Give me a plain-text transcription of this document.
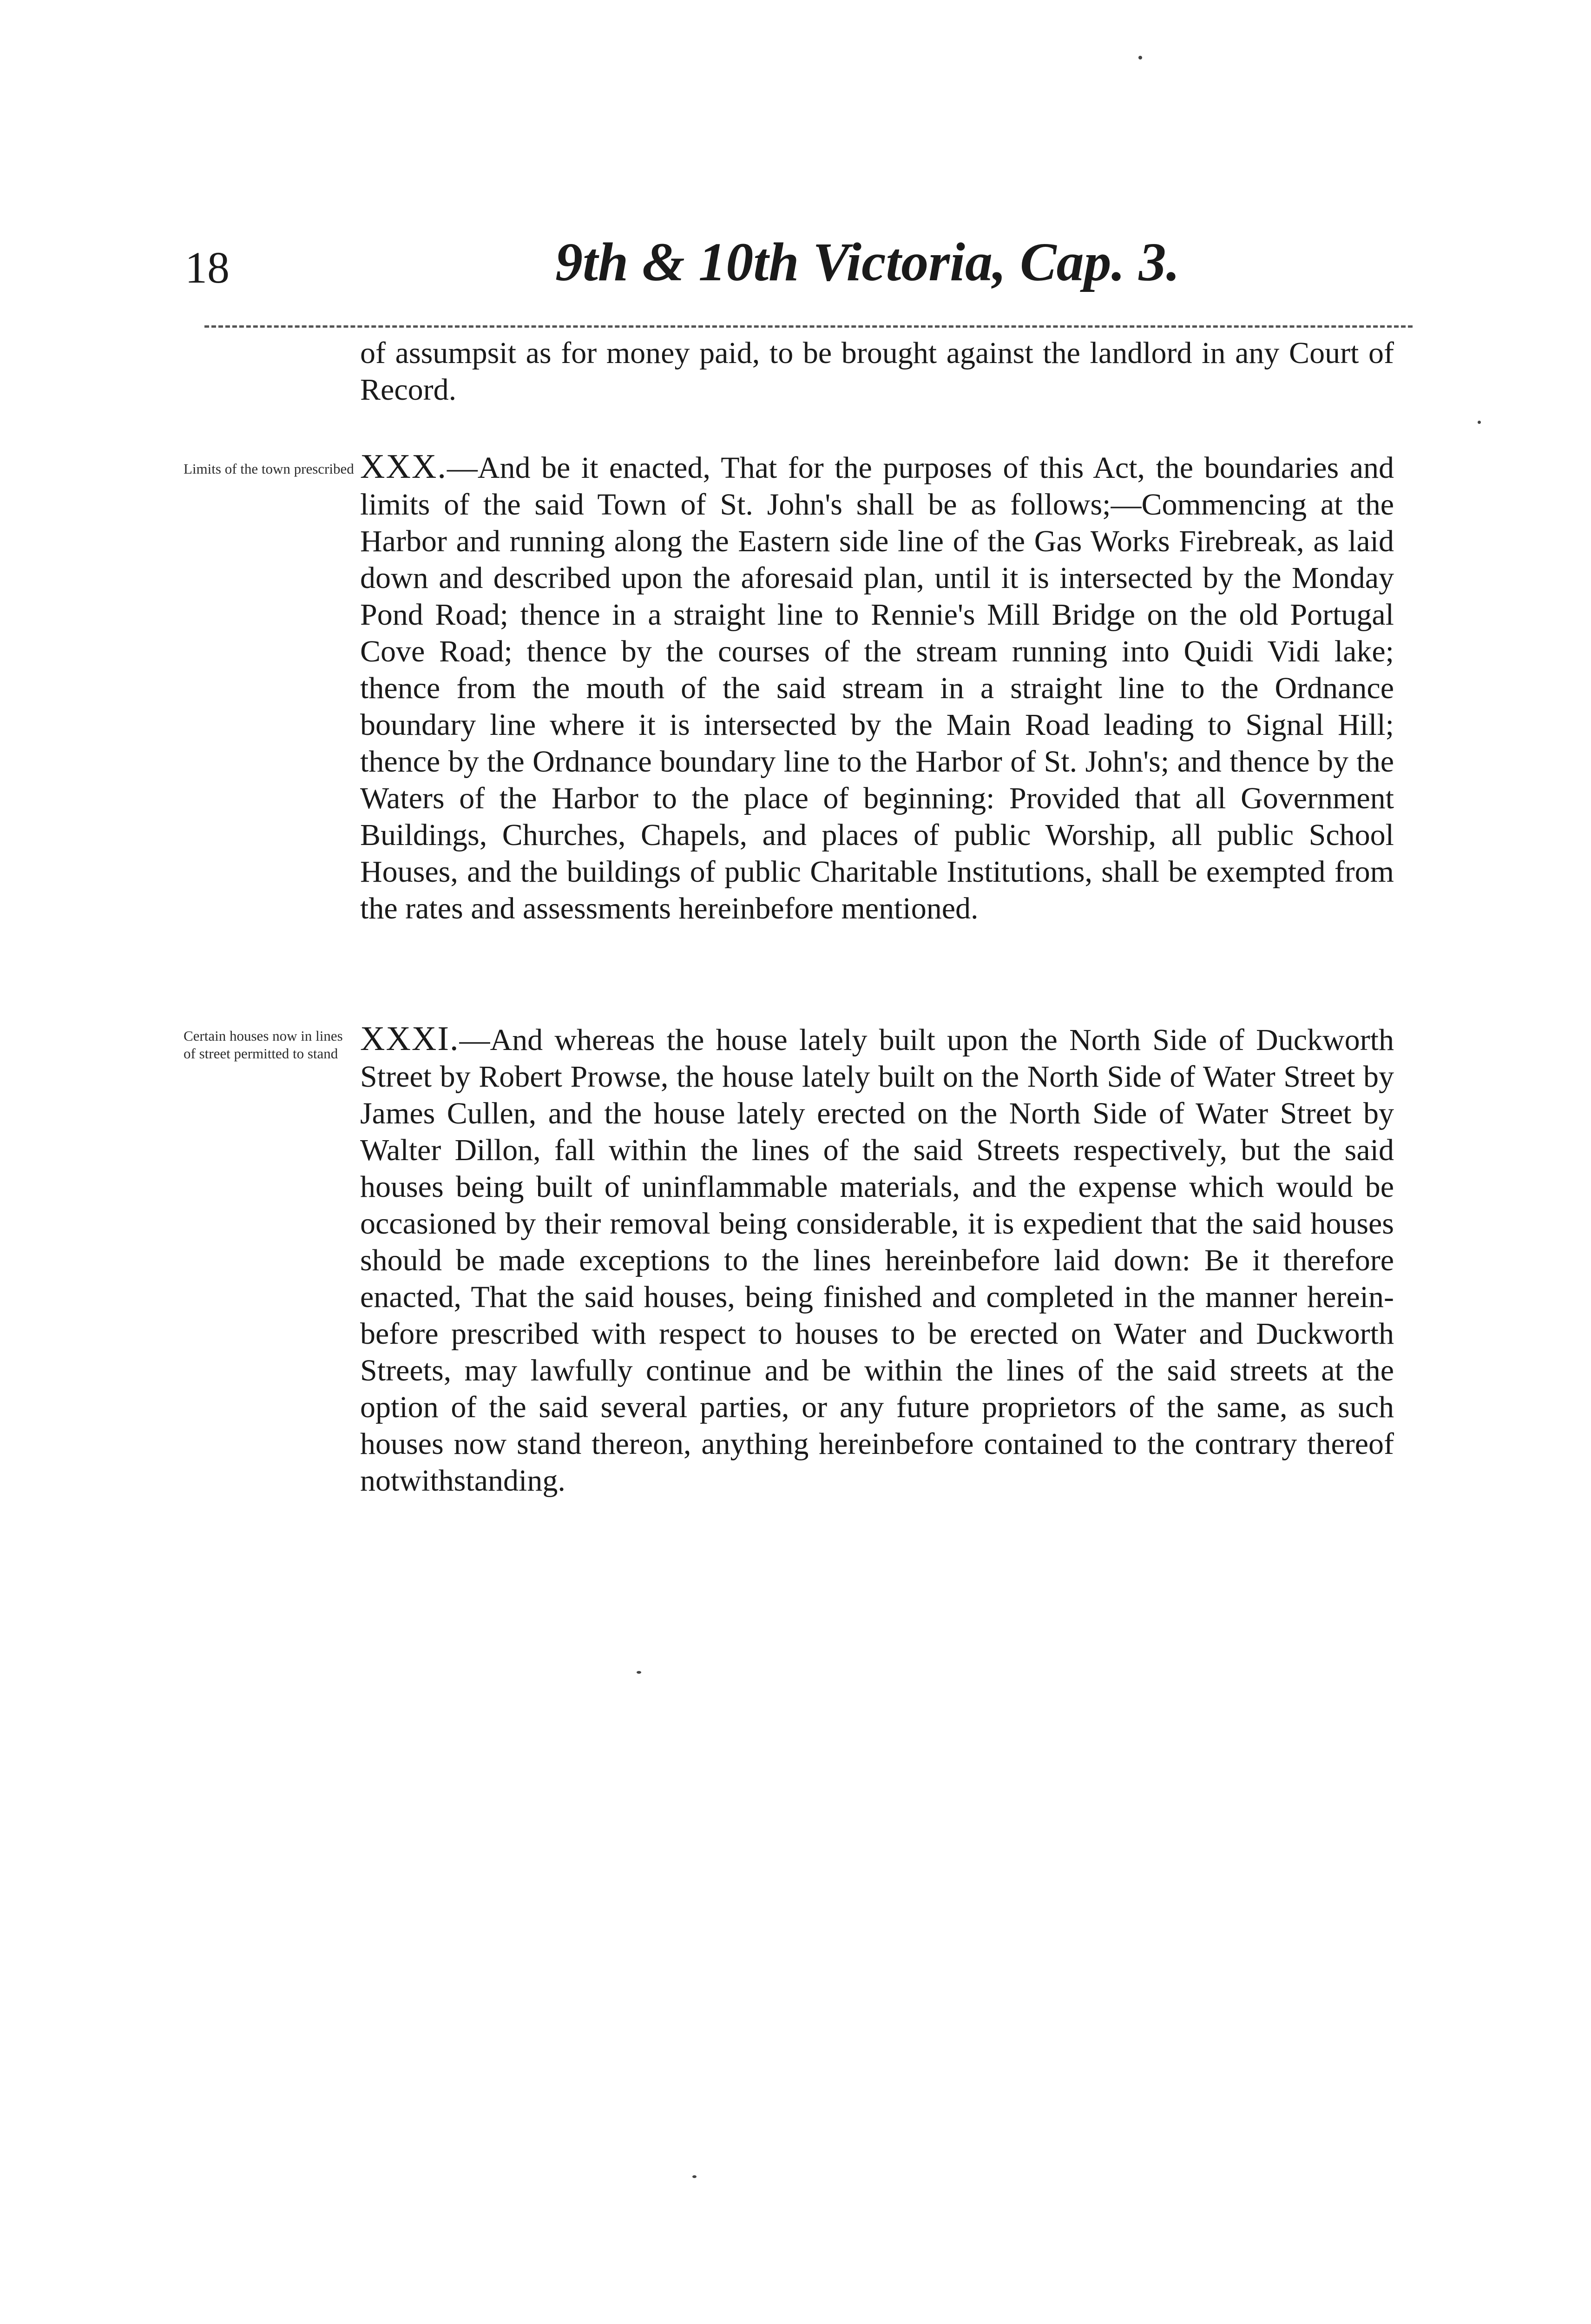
18	9th & 10th Victoria, Cap. 3.

of assumpsit as for money paid, to be brought against the landlord in any Court of Record.

Limits of the town prescribed XXX.—And be it enacted, That for the purposes of this Act, the boundaries and limits of the said Town of St. John's shall be as follows;—Commencing at the Harbor and running along the Eastern side line of the Gas Works Firebreak, as laid down and described upon the aforesaid plan, until it is intersected by the Monday Pond Road; thence in a straight line to Rennie's Mill Bridge on the old Portugal Cove Road; thence by the courses of the stream running into Quidi Vidi lake; thence from the mouth of the said stream in a straight line to the Ordnance boundary line where it is intersected by the Main Road leading to Signal Hill; thence by the Ordnance boundary line to the Harbor of St. John's; and thence by the Waters of the Harbor to the place of beginning: Provided that all Government Buildings, Churches, Chapels, and places of public Worship, all public School Houses, and the buildings of public Charitable Institutions, shall be exempted from the rates and assessments hereinbefore mentioned.

Certain houses now in lines of street permitted to stand XXXI.—And whereas the house lately built upon the North Side of Duckworth Street by Robert Prowse, the house lately built on the North Side of Water Street by James Cullen, and the house lately erected on the North Side of Water Street by Walter Dillon, fall within the lines of the said Streets respectively, but the said houses being built of uninflammable materials, and the expense which would be occasioned by their removal being considerable, it is expedient that the said houses should be made exceptions to the lines hereinbefore laid down: Be it therefore enacted, That the said houses, being finished and completed in the manner herein-before prescribed with respect to houses to be erected on Water and Duckworth Streets, may lawfully continue and be within the lines of the said streets at the option of the said several parties, or any future proprietors of the same, as such houses now stand thereon, anything hereinbefore contained to the contrary thereof notwithstanding.
